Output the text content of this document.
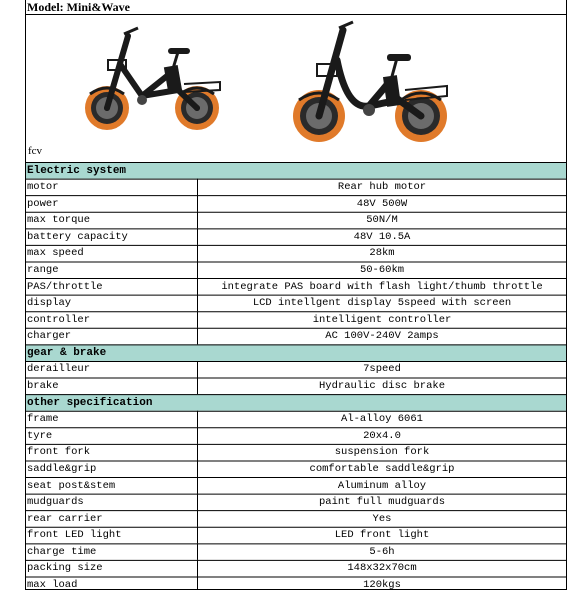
Model: Mini&Wave
fcv
Electric system
motor	Rear hub motor
power	48V 500W
max torque	50N/M
battery capacity	48V 10.5A
max speed	28km
range	50-60km
PAS/throttle	integrate PAS board with flash light/thumb throttle
display	LCD intellgent display 5speed with screen
controller	intelligent controller
charger	AC 100V-240V 2amps
gear & brake
derailleur	7speed
brake	Hydraulic disc brake
other specification
frame	Al-alloy 6061
tyre	20x4.0
front fork	suspension fork
saddle&grip	comfortable saddle&grip
seat post&stem	Aluminum alloy
mudguards	paint full mudguards
rear carrier	Yes
front LED light	LED front light
charge time	5-6h
packing size	148x32x70cm
max load	120kgs
